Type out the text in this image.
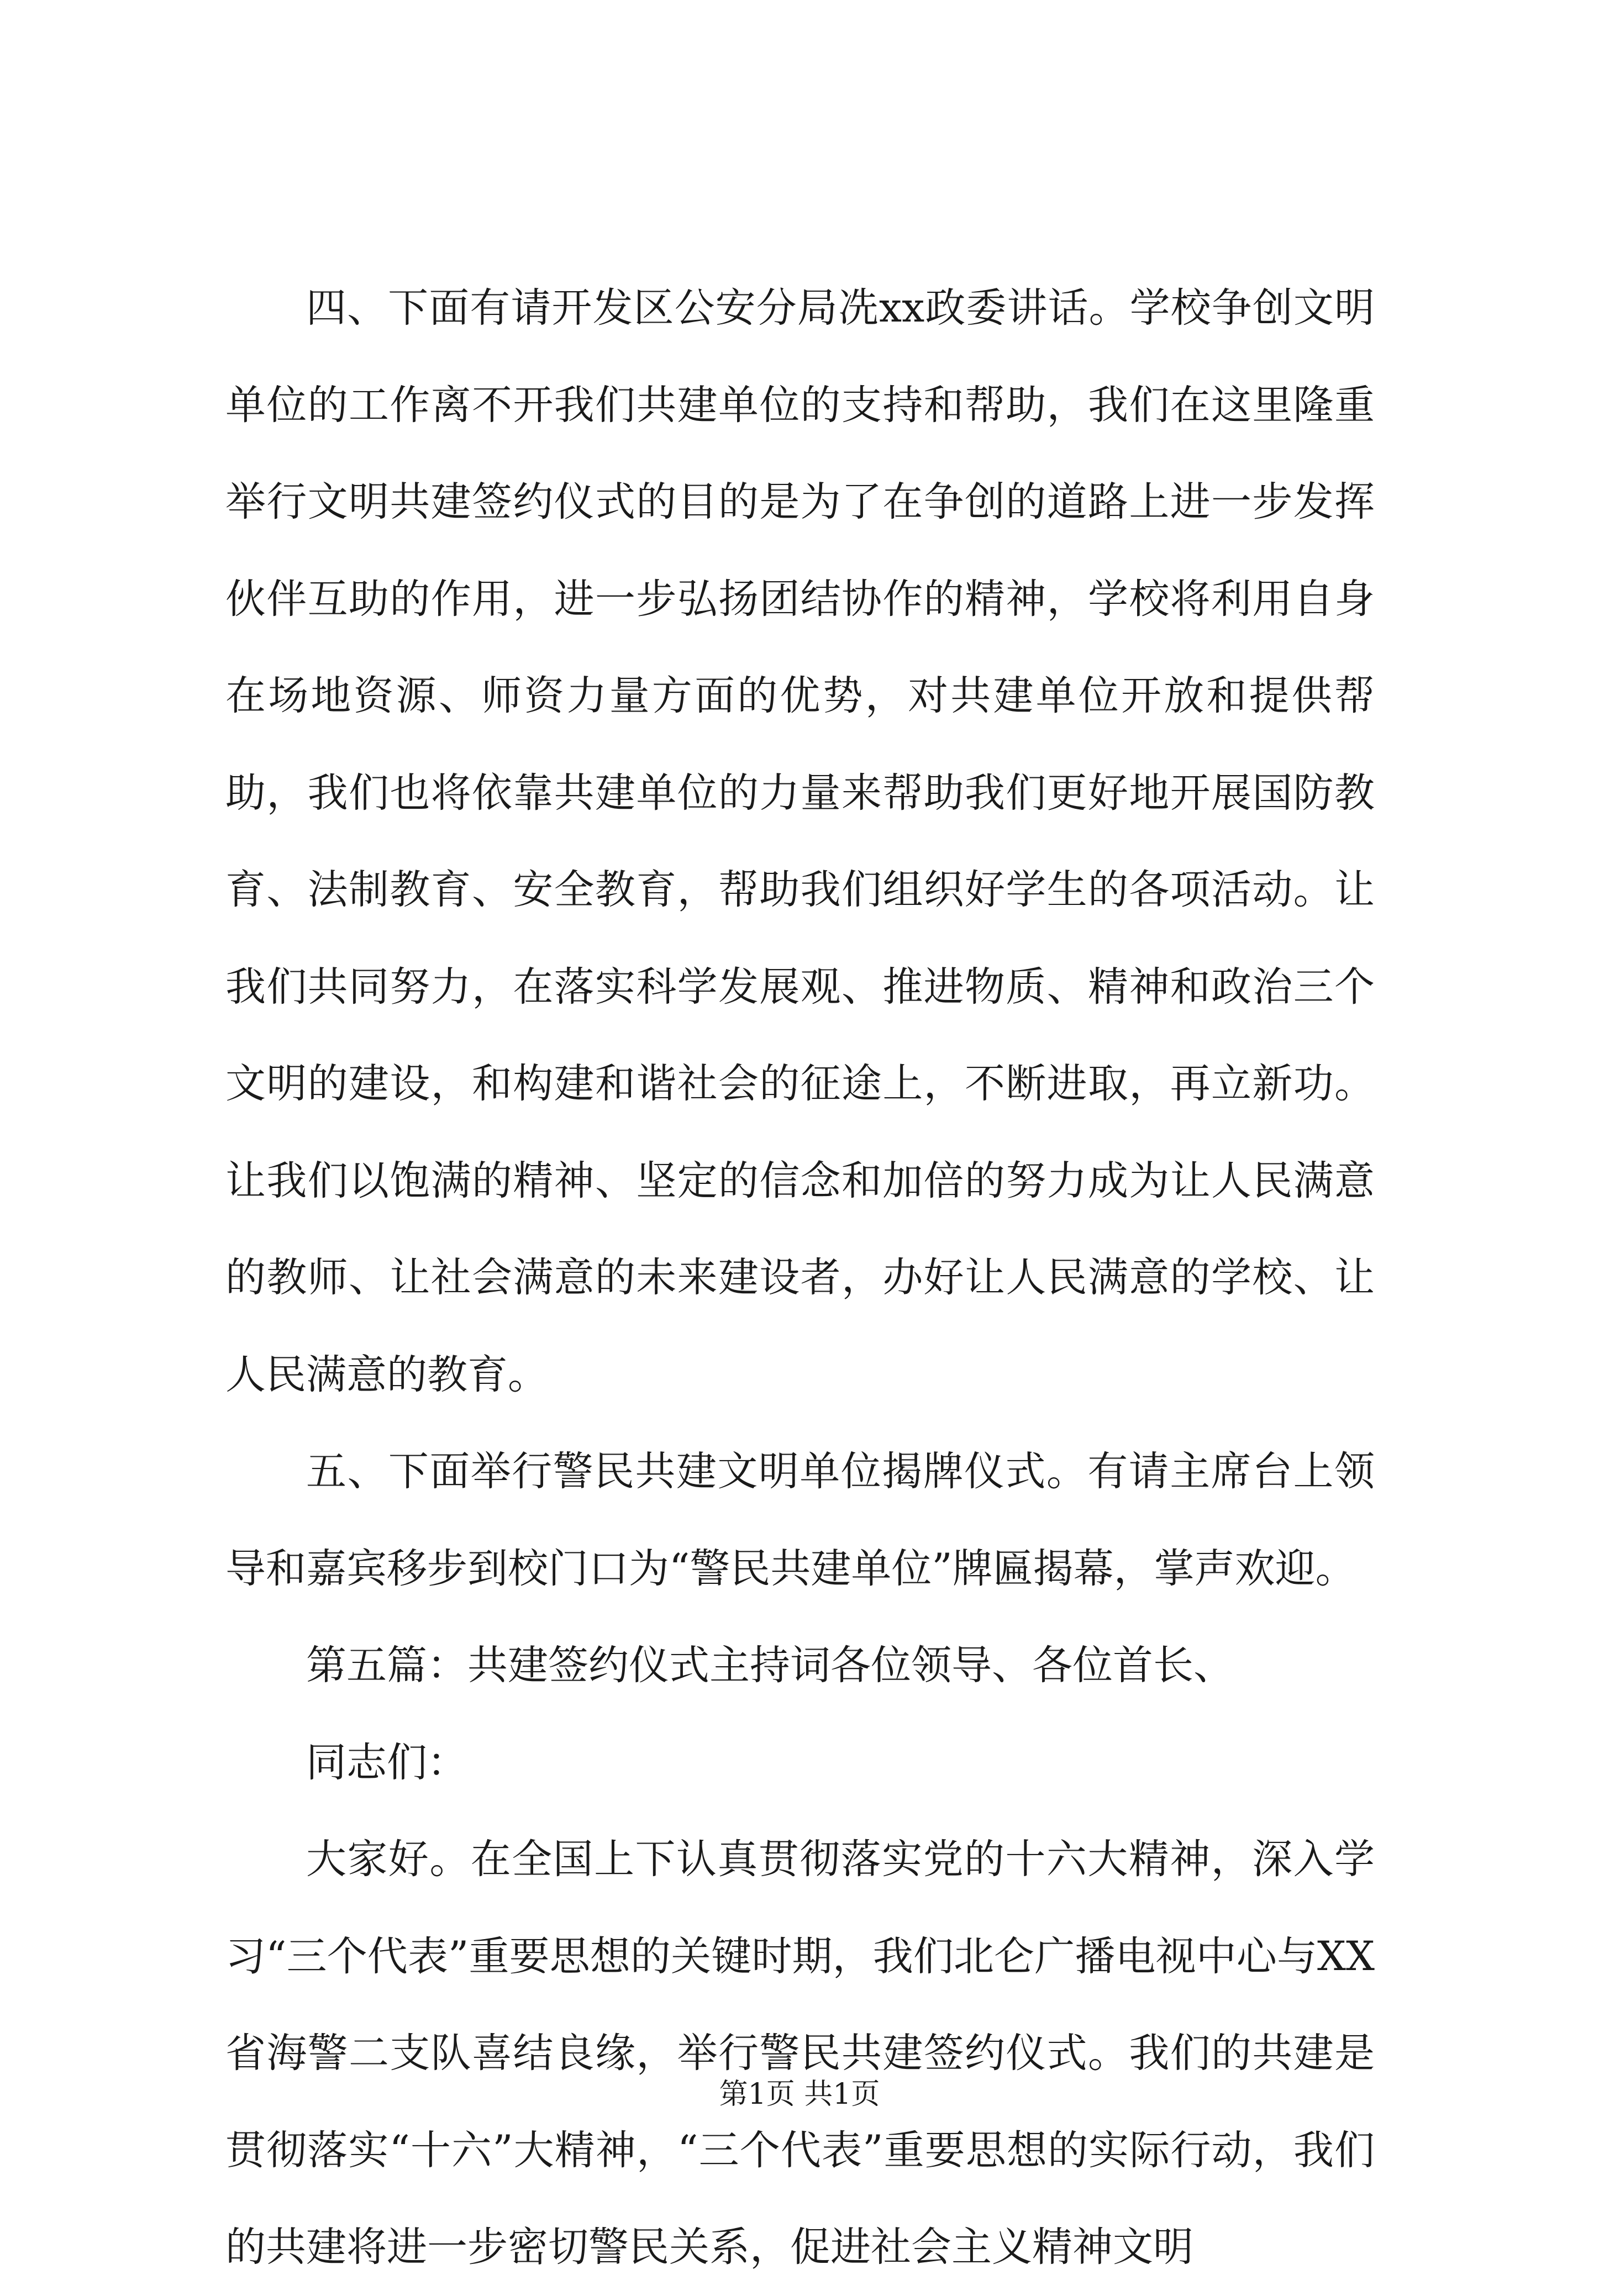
四、下面有请开发区公安分局冼xx政委讲话。学校争创文明单位的工作离不开我们共建单位的支持和帮助，我们在这里隆重举行文明共建签约仪式的目的是为了在争创的道路上进一步发挥伙伴互助的作用，进一步弘扬团结协作的精神，学校将利用自身在场地资源、师资力量方面的优势，对共建单位开放和提供帮助，我们也将依靠共建单位的力量来帮助我们更好地开展国防教育、法制教育、安全教育，帮助我们组织好学生的各项活动。让我们共同努力，在落实科学发展观、推进物质、精神和政治三个文明的建设，和构建和谐社会的征途上，不断进取，再立新功。让我们以饱满的精神、坚定的信念和加倍的努力成为让人民满意的教师、让社会满意的未来建设者，办好让人民满意的学校、让人民满意的教育。

五、下面举行警民共建文明单位揭牌仪式。有请主席台上领导和嘉宾移步到校门口为“警民共建单位”牌匾揭幕，掌声欢迎。

第五篇：共建签约仪式主持词各位领导、各位首长、

同志们：

大家好。在全国上下认真贯彻落实党的十六大精神，深入学习“三个代表”重要思想的关键时期，我们北仑广播电视中心与XX省海警二支队喜结良缘，举行警民共建签约仪式。我们的共建是贯彻落实“十六”大精神，“三个代表”重要思想的实际行动，我们的共建将进一步密切警民关系，促进社会主义精神文明

第1页 共1页
